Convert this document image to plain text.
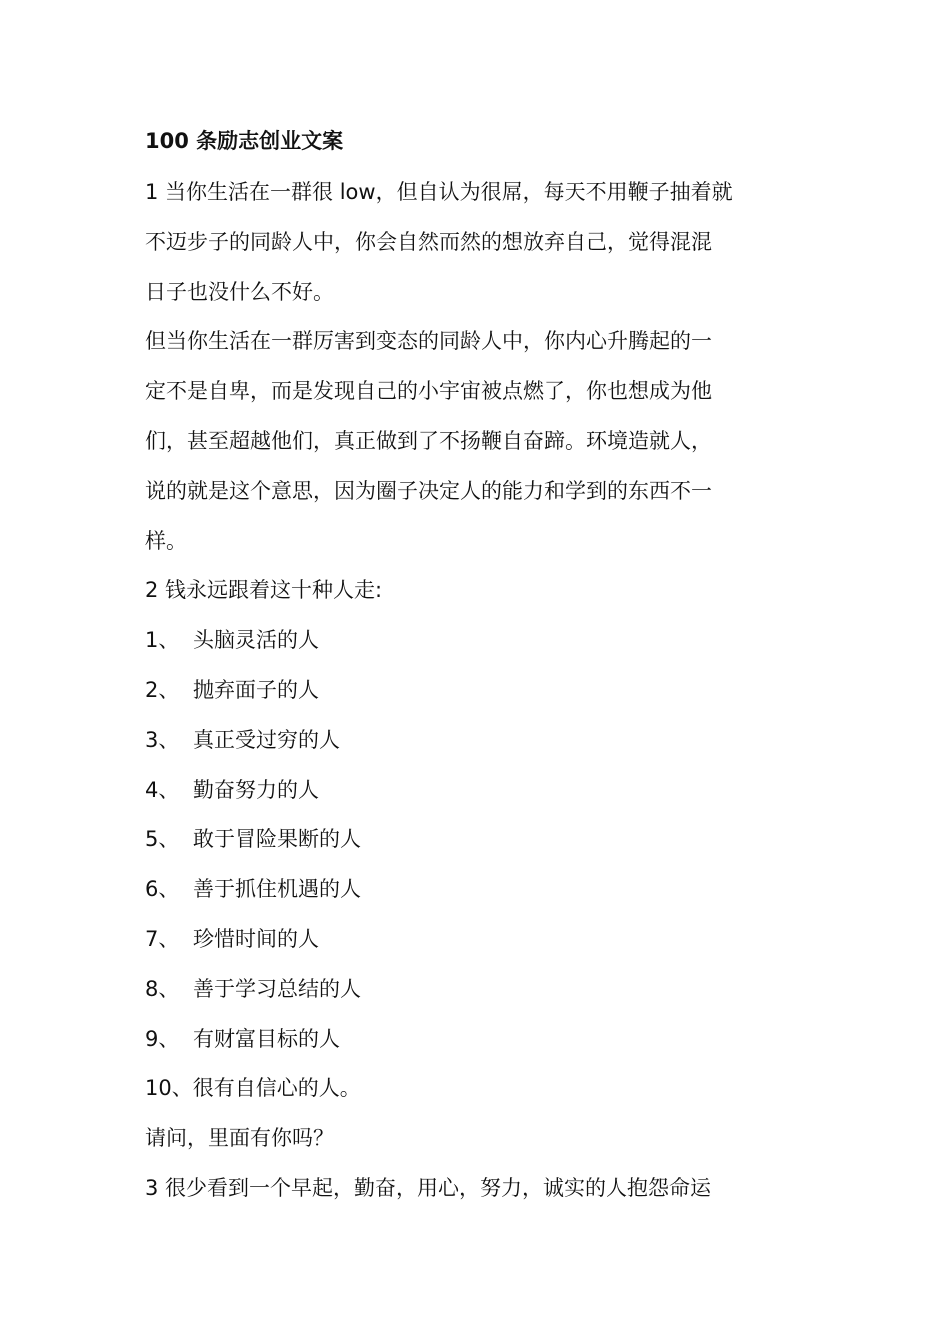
100 条励志创业文案

1 当你生活在一群很 low，但自认为很屌，每天不用鞭子抽着就
不迈步子的同龄人中，你会自然而然的想放弃自己，觉得混混
日子也没什么不好。

但当你生活在一群厉害到变态的同龄人中，你内心升腾起的一
定不是自卑，而是发现自己的小宇宙被点燃了，你也想成为他
们，甚至超越他们，真正做到了不扬鞭自奋蹄。环境造就人，
说的就是这个意思，因为圈子决定人的能力和学到的东西不一
样。

2 钱永远跟着这十种人走:

1、 头脑灵活的人
2、 抛弃面子的人
3、 真正受过穷的人
4、 勤奋努力的人
5、 敢于冒险果断的人
6、 善于抓住机遇的人
7、 珍惜时间的人
8、 善于学习总结的人
9、 有财富目标的人
10、 很有自信心的人。

请问，里面有你吗？

3 很少看到一个早起，勤奋，用心，努力，诚实的人抱怨命运
